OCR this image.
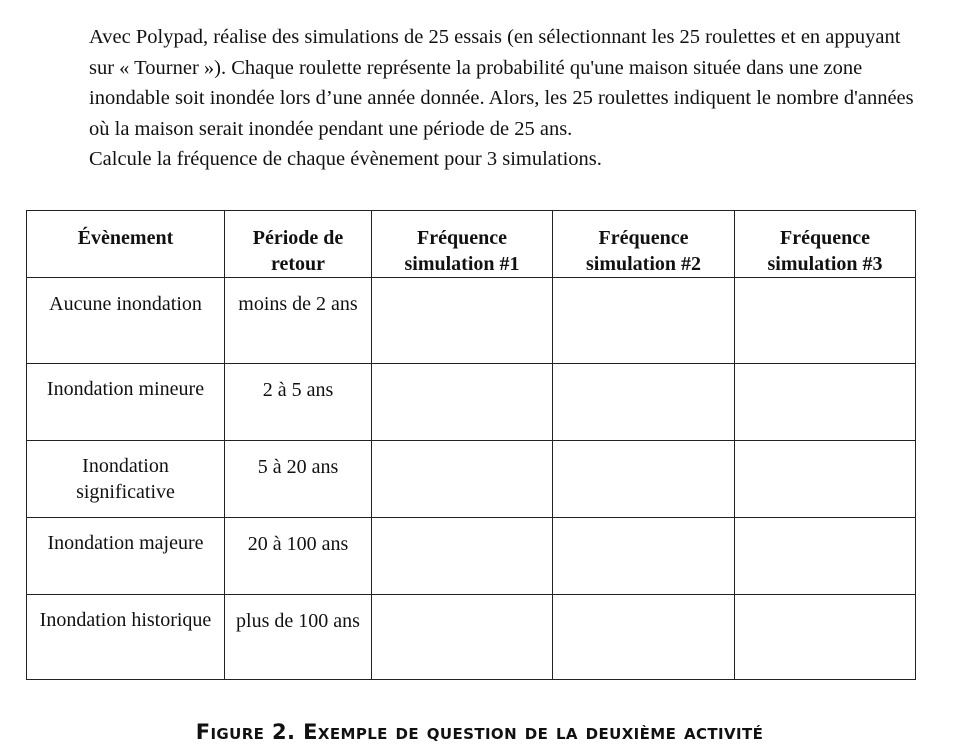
Avec Polypad, réalise des simulations de 25 essais (en sélectionnant les 25 roulettes et en appuyant sur « Tourner »). Chaque roulette représente la probabilité qu'une maison située dans une zone inondable soit inondée lors d’une année donnée. Alors, les 25 roulettes indiquent le nombre d'années où la maison serait inondée pendant une période de 25 ans.

Calcule la fréquence de chaque évènement pour 3 simulations.

Évènement	Période de retour	Fréquence simulation #1	Fréquence simulation #2	Fréquence simulation #3
Aucune inondation	moins de 2 ans			
Inondation mineure	2 à 5 ans			
Inondation significative	5 à 20 ans			
Inondation majeure	20 à 100 ans			
Inondation historique	plus de 100 ans			
Figure 2. Exemple de question de la deuxième activité
